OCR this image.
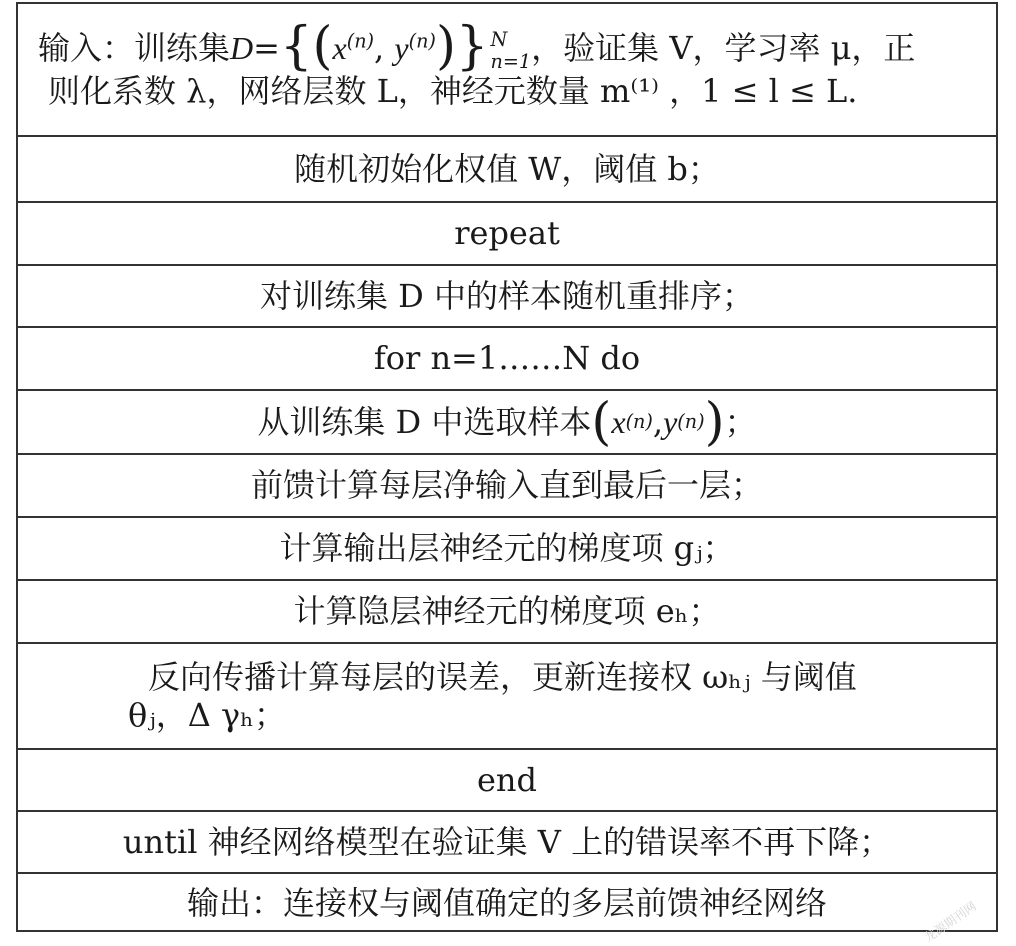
输入：训练集$D=\{(x^{(n)}$, $y^{(n)}$)} N
n=1 ，验证集 V，学习率 μ，正
则化系数 λ，网络层数 L，神经元数量 m⁽¹⁾ ，1 ≤ l ≤ L.
随机初始化权值 W，阈值 b；
repeat
对训练集 D 中的样本随机重排序；
for n=1……N do
从训练集 D 中选取样本 ( x (n) , y (n) ) ；
前馈计算每层净输入直到最后一层；
计算输出层神经元的梯度项 gⱼ；
计算隐层神经元的梯度项 eₕ；
反向传播计算每层的误差，更新连接权 ωₕⱼ 与阈值
θⱼ，Δ γₕ；
end
until 神经网络模型在验证集 V 上的错误率不再下降；
输出：连接权与阈值确定的多层前馈神经网络	龙源期刊网
